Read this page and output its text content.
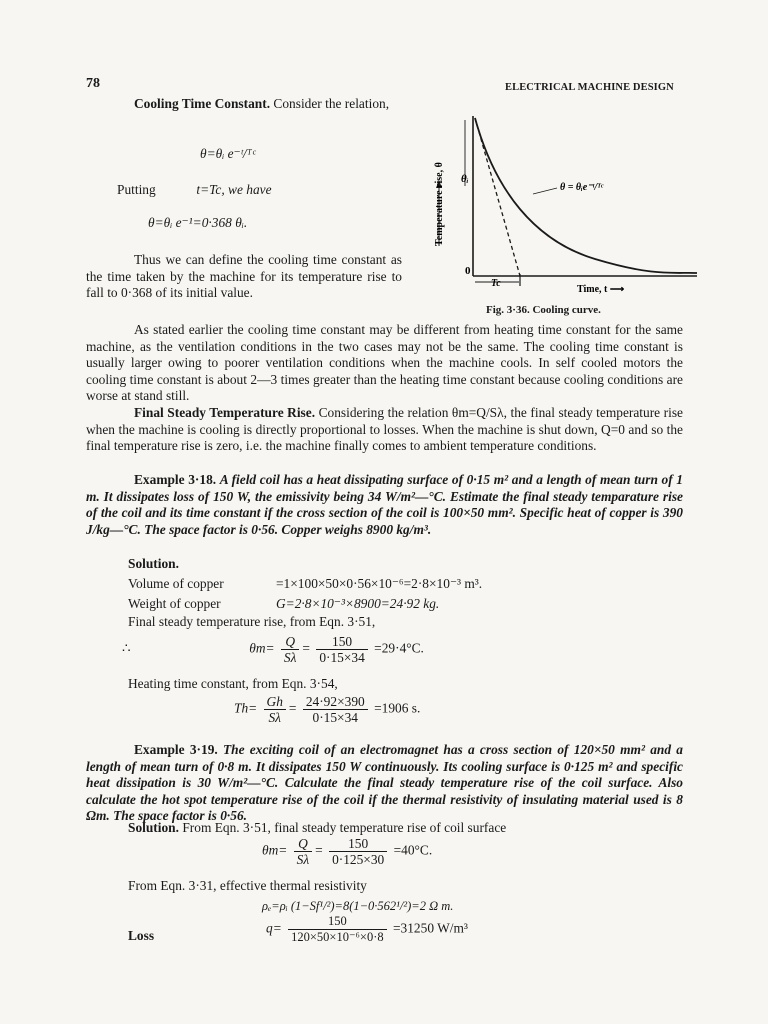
78	ELECTRICAL MACHINE DESIGN
Cooling Time Constant. Consider the relation,
θ=θᵢ e⁻ᵗ/ᵀᶜ
Putting	t=Tc, we have
θ=θᵢ e⁻¹=0·368 θᵢ.

Thus we can define the cooling time constant as the time taken by the machine for its temperature rise to fall to 0·368 of its initial value.

Temperature rise, θ θᵢ
0
Tc
Time, t ⟶
θ = θᵢe⁻ᵗ/ᵀᶜ
Fig. 3·36. Cooling curve.

As stated earlier the cooling time constant may be different from heating time constant for the same machine, as the ventilation conditions in the two cases may not be the same. The cooling time constant is usually larger owing to poorer ventilation conditions when the machine cools. In self cooled motors the cooling time constant is about 2—3 times greater than the heating time constant because cooling conditions are worse at stand still.

Final Steady Temperature Rise. Considering the relation θm=Q/Sλ, the final steady temperature rise when the machine is cooling is directly proportional to losses. When the machine is shut down, Q=0 and so the final temperature rise is zero, i.e. the machine finally comes to ambient temperature conditions.

Example 3·18. A field coil has a heat dissipating surface of 0·15 m² and a length of mean turn of 1 m. It dissipates loss of 150 W, the emissivity being 34 W/m²—°C. Estimate the final steady temparature rise of the coil and its time constant if the cross section of the coil is 100×50 mm². Specific heat of copper is 390 J/kg—°C. The space factor is 0·56. Copper weighs 8900 kg/m³.

Solution.
Volume of copper	=1×100×50×0·56×10⁻⁶=2·8×10⁻³ m³.
Weight of copper	G=2·8×10⁻³×8900=24·92 kg.
Final steady temperature rise, from Eqn. 3·51,
∴	$\theta m= \frac{Q}{S\lambda} = \frac{150}{0\cdot 15\times 34} =29\cdot 4^\circ C$.
Heating time constant, from Eqn. 3·54,
$Th= \frac{Gh}{S\lambda} = \frac{24\cdot 92\times 390}{0\cdot 15\times 34} =1906$ s.

Example 3·19. The exciting coil of an electromagnet has a cross section of 120×50 mm² and a length of mean turn of 0·8 m. It dissipates 150 W continuously. Its cooling surface is 0·125 m² and specific heat dissipation is 30 W/m²—°C. Calculate the final steady temperature rise of the coil surface. Also calculate the hot spot temperature rise of the coil if the thermal resistivity of insulating material used is 8 Ωm. The space factor is 0·56.

Solution. From Eqn. 3·51, final steady temperature rise of coil surface
$\theta m= \frac{Q}{S\lambda} = \frac{150}{0\cdot 125\times 30} =40^\circ C$.
From Eqn. 3·31, effective thermal resistivity
ρₑ=ρᵢ (1−Sf¹/²)=8(1−0·562¹/²)=2 Ω m.
Loss	$q= \frac{150}{\text{120×50×10⁻⁶×0·8}} =31250$ W/m³
